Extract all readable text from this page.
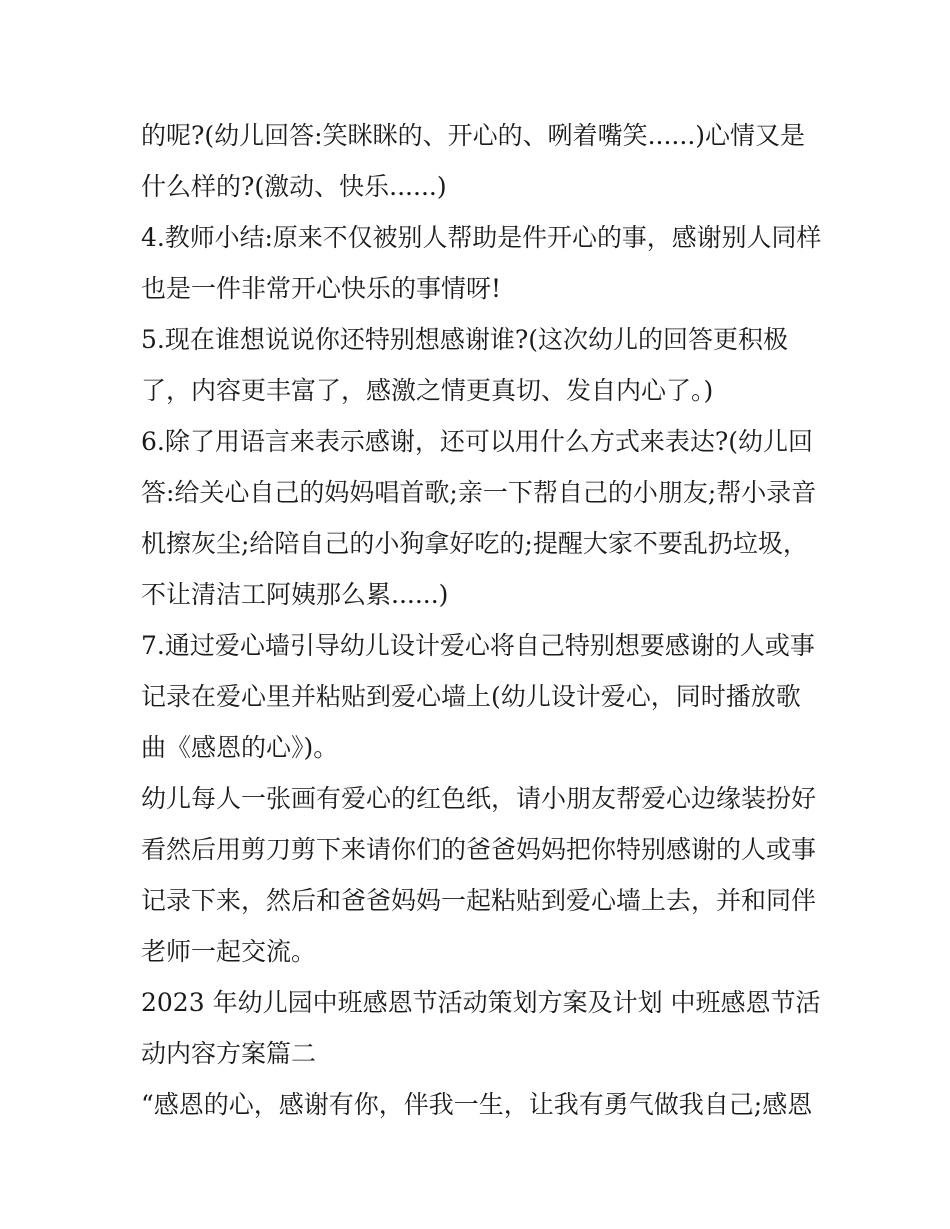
的呢?(幼儿回答:笑眯眯的、开心的、咧着嘴笑......)心情又是
什么样的?(激动、快乐......)
4.教师小结:原来不仅被别人帮助是件开心的事，感谢别人同样
也是一件非常开心快乐的事情呀!
5.现在谁想说说你还特别想感谢谁?(这次幼儿的回答更积极
了，内容更丰富了，感激之情更真切、发自内心了。)
6.除了用语言来表示感谢，还可以用什么方式来表达?(幼儿回
答:给关心自己的妈妈唱首歌;亲一下帮自己的小朋友;帮小录音
机擦灰尘;给陪自己的小狗拿好吃的;提醒大家不要乱扔垃圾，
不让清洁工阿姨那么累......)
7.通过爱心墙引导幼儿设计爱心将自己特别想要感谢的人或事
记录在爱心里并粘贴到爱心墙上(幼儿设计爱心，同时播放歌
曲《感恩的心》)。
幼儿每人一张画有爱心的红色纸，请小朋友帮爱心边缘装扮好
看然后用剪刀剪下来请你们的爸爸妈妈把你特别感谢的人或事
记录下来，然后和爸爸妈妈一起粘贴到爱心墙上去，并和同伴
老师一起交流。
2023 年幼儿园中班感恩节活动策划方案及计划 中班感恩节活
动内容方案篇二
“感恩的心，感谢有你，伴我一生，让我有勇气做我自己;感恩
